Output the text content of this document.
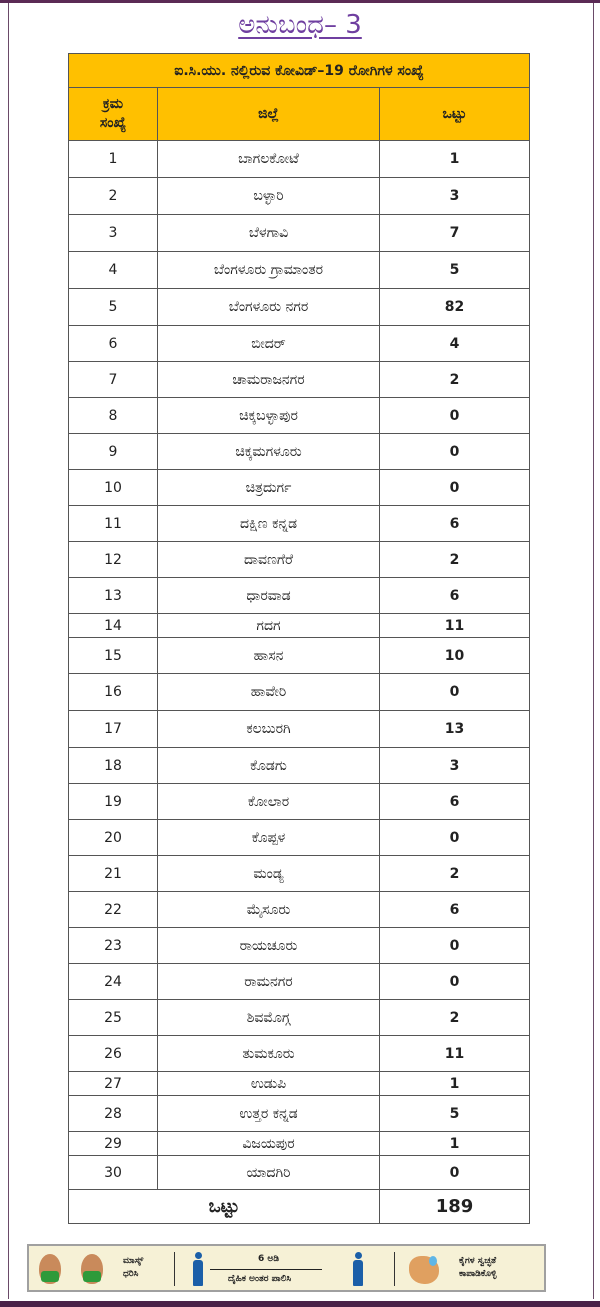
ಅನುಬಂಧ– 3
ಐ.ಸಿ.ಯು. ನಲ್ಲಿರುವ ಕೋವಿಡ್–19 ರೋಗಿಗಳ ಸಂಖ್ಯೆ		

ಕ್ರಮ
ಸಂಖ್ಯೆ	ಜಿಲ್ಲೆ	ಒಟ್ಟು
1	ಬಾಗಲಕೋಟೆ	1
2	ಬಳ್ಳಾರಿ	3
3	ಬೆಳಗಾವಿ	7
4	ಬೆಂಗಳೂರು ಗ್ರಾಮಾಂತರ	5
5	ಬೆಂಗಳೂರು ನಗರ	82
6	ಬೀದರ್	4
7	ಚಾಮರಾಜನಗರ	2
8	ಚಿಕ್ಕಬಳ್ಳಾಪುರ	0
9	ಚಿಕ್ಕಮಗಳೂರು	0
10	ಚಿತ್ರದುರ್ಗ	0
11	ದಕ್ಷಿಣ ಕನ್ನಡ	6
12	ದಾವಣಗೆರೆ	2
13	ಧಾರವಾಡ	6
14	ಗದಗ	11
15	ಹಾಸನ	10
16	ಹಾವೇರಿ	0
17	ಕಲಬುರಗಿ	13
18	ಕೊಡಗು	3
19	ಕೋಲಾರ	6
20	ಕೊಪ್ಪಳ	0
21	ಮಂಡ್ಯ	2
22	ಮೈಸೂರು	6
23	ರಾಯಚೂರು	0
24	ರಾಮನಗರ	0
25	ಶಿವಮೊಗ್ಗ	2
26	ತುಮಕೂರು	11
27	ಉಡುಪಿ	1
28	ಉತ್ತರ ಕನ್ನಡ	5
29	ವಿಜಯಪುರ	1
30	ಯಾದಗಿರಿ	0
ಒಟ್ಟು		189
ಮಾಸ್ಕ್
ಧರಿಸಿ
6 ಅಡಿ
ದೈಹಿಕ ಅಂತರ ಪಾಲಿಸಿ
ಕೈಗಳ ಸ್ವಚ್ಛತೆ
ಕಾಪಾಡಿಕೊಳ್ಳಿ
